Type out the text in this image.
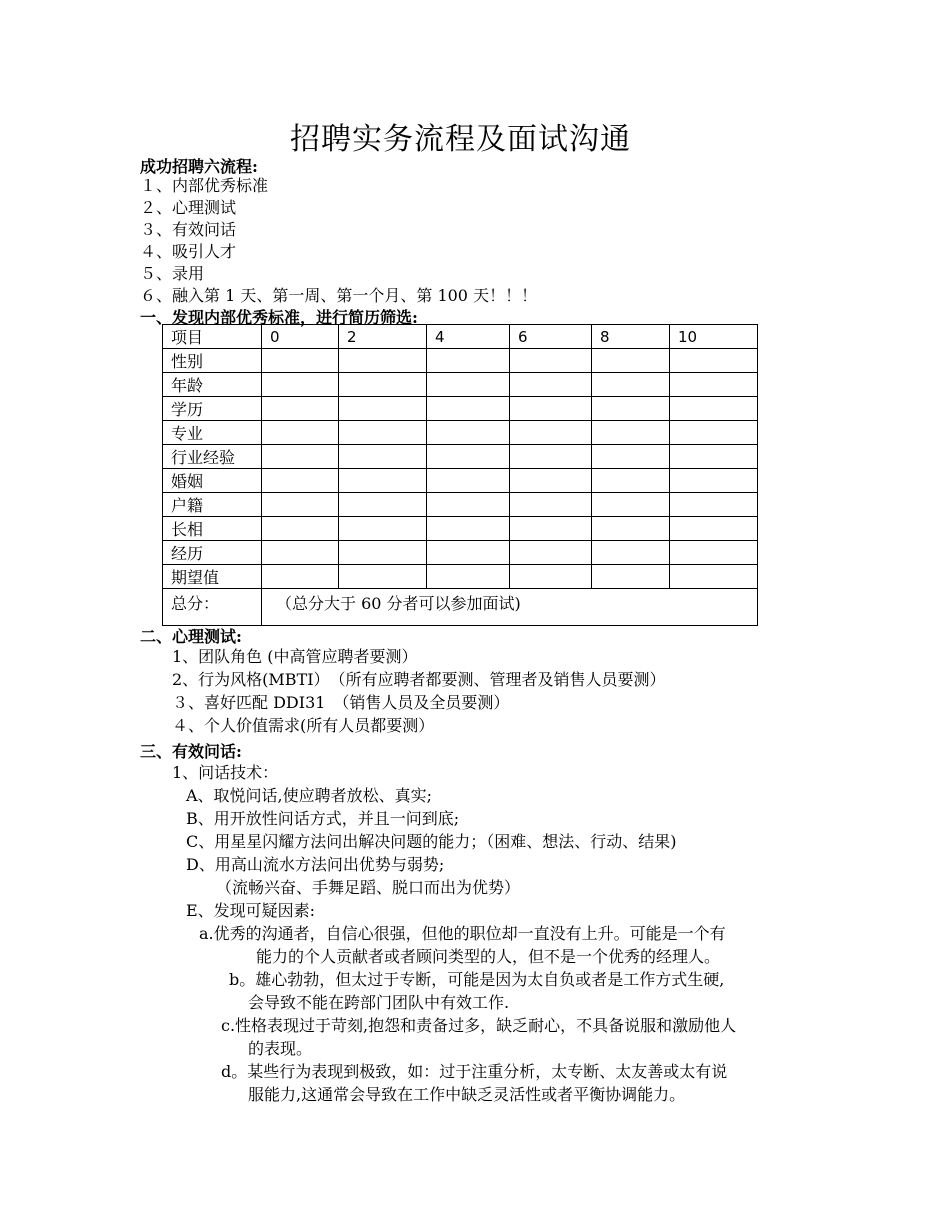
招聘实务流程及面试沟通
成功招聘六流程:
１、内部优秀标准
２、心理测试
３、有效问话
４、吸引人才
５、录用
６、融入第 1 天、第一周、第一个月、第 100 天！！！
一、发现内部优秀标准，进行简历筛选:
项目	0	2	4	6	8	10
性别						
年龄						
学历						
专业						
行业经验						
婚姻						
户籍						
长相						
经历						
期望值						
总分：	（总分大于 60 分者可以参加面试)					
二、心理测试:
1、团队角色 (中高管应聘者要测）
2、行为风格(MBTI）　（所有应聘者都要测、管理者及销售人员要测）
３、喜好匹配 DDI31　（销售人员及全员要测）
４、个人价值需求(所有人员都要测）
三、有效问话:
1、问话技术：
A、取悦问话,使应聘者放松、真实;
B、用开放性问话方式，并且一问到底;
C、用星星闪耀方法问出解决问题的能力；（困难、想法、行动、结果)
D、用高山流水方法问出优势与弱势;
（流畅兴奋、手舞足蹈、脱口而出为优势）
E、发现可疑因素:
a.优秀的沟通者，自信心很强，但他的职位却一直没有上升。可能是一个有
能力的个人贡献者或者顾问类型的人，但不是一个优秀的经理人。
b。雄心勃勃，但太过于专断，可能是因为太自负或者是工作方式生硬,
会导致不能在跨部门团队中有效工作.
c.性格表现过于苛刻,抱怨和责备过多，缺乏耐心，不具备说服和激励他人
的表现。
d。某些行为表现到极致，如：过于注重分析，太专断、太友善或太有说
服能力,这通常会导致在工作中缺乏灵活性或者平衡协调能力。
